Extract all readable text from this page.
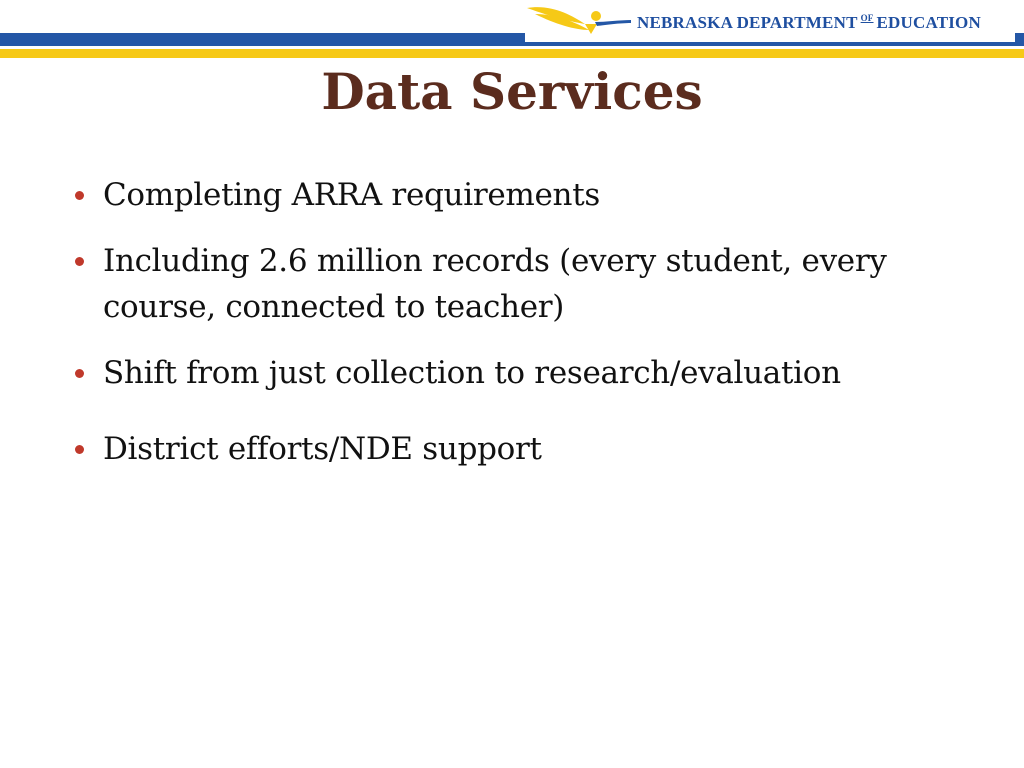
NEBRASKA DEPARTMENT $^{OF}$ EDUCATION
Data Services
Completing ARRA requirements
Including 2.6 million records (every student, every course, connected to teacher)
Shift from just collection to research/evaluation
District efforts/NDE support
